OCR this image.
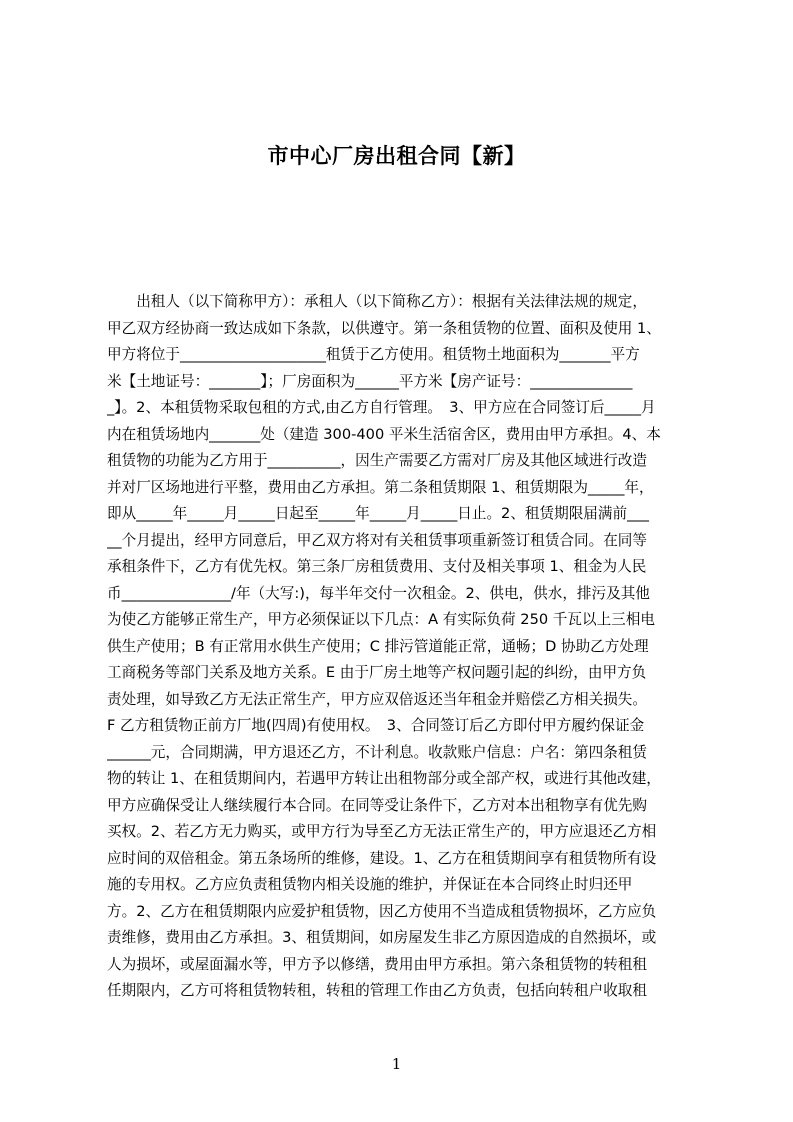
市中心厂房出租合同【新】
　　出租人（以下简称甲方）：承租人（以下简称乙方）：根据有关法律法规的规定，
甲乙双方经协商一致达成如下条款，以供遵守。第一条租赁物的位置、面积及使用 1、
甲方将位于____________________租赁于乙方使用。租赁物土地面积为_______平方
米【土地证号：_______】；厂房面积为______平方米【房产证号：______________
_】。2、本租赁物采取包租的方式,由乙方自行管理。　3、甲方应在合同签订后_____月
内在租赁场地内_______处（建造 300-400 平米生活宿舍区，费用由甲方承担。4、本
租赁物的功能为乙方用于__________，因生产需要乙方需对厂房及其他区域进行改造
并对厂区场地进行平整，费用由乙方承担。第二条租赁期限 1、租赁期限为_____年，
即从_____年_____月_____日起至_____年_____月_____日止。2、租赁期限届满前___
__个月提出，经甲方同意后，甲乙双方将对有关租赁事项重新签订租赁合同。在同等
承租条件下，乙方有优先权。第三条厂房租赁费用、支付及相关事项 1、租金为人民
币_______________/年（大写:)，每半年交付一次租金。2、供电，供水，排污及其他
为使乙方能够正常生产，甲方必须保证以下几点：A 有实际负荷 250 千瓦以上三相电
供生产使用；B 有正常用水供生产使用；C 排污管道能正常，通畅；D 协助乙方处理
工商税务等部门关系及地方关系。E 由于厂房土地等产权问题引起的纠纷，由甲方负
责处理，如导致乙方无法正常生产，甲方应双倍返还当年租金并赔偿乙方相关损失。
F 乙方租赁物正前方厂地(四周)有使用权。　3、合同签订后乙方即付甲方履约保证金
______元，合同期满，甲方退还乙方，不计利息。收款账户信息：户名：第四条租赁
物的转让 1、在租赁期间内，若遇甲方转让出租物部分或全部产权，或进行其他改建，
甲方应确保受让人继续履行本合同。在同等受让条件下，乙方对本出租物享有优先购
买权。2、若乙方无力购买，或甲方行为导至乙方无法正常生产的，甲方应退还乙方相
应时间的双倍租金。第五条场所的维修，建设。1、乙方在租赁期间享有租赁物所有设
施的专用权。乙方应负责租赁物内相关设施的维护，并保证在本合同终止时归还甲
方。2、乙方在租赁期限内应爱护租赁物，因乙方使用不当造成租赁物损坏，乙方应负
责维修，费用由乙方承担。3、租赁期间，如房屋发生非乙方原因造成的自然损坏，或
人为损坏，或屋面漏水等，甲方予以修缮，费用由甲方承担。第六条租赁物的转租租
任期限内，乙方可将租赁物转租，转租的管理工作由乙方负责，包括向转租户收取租
1
